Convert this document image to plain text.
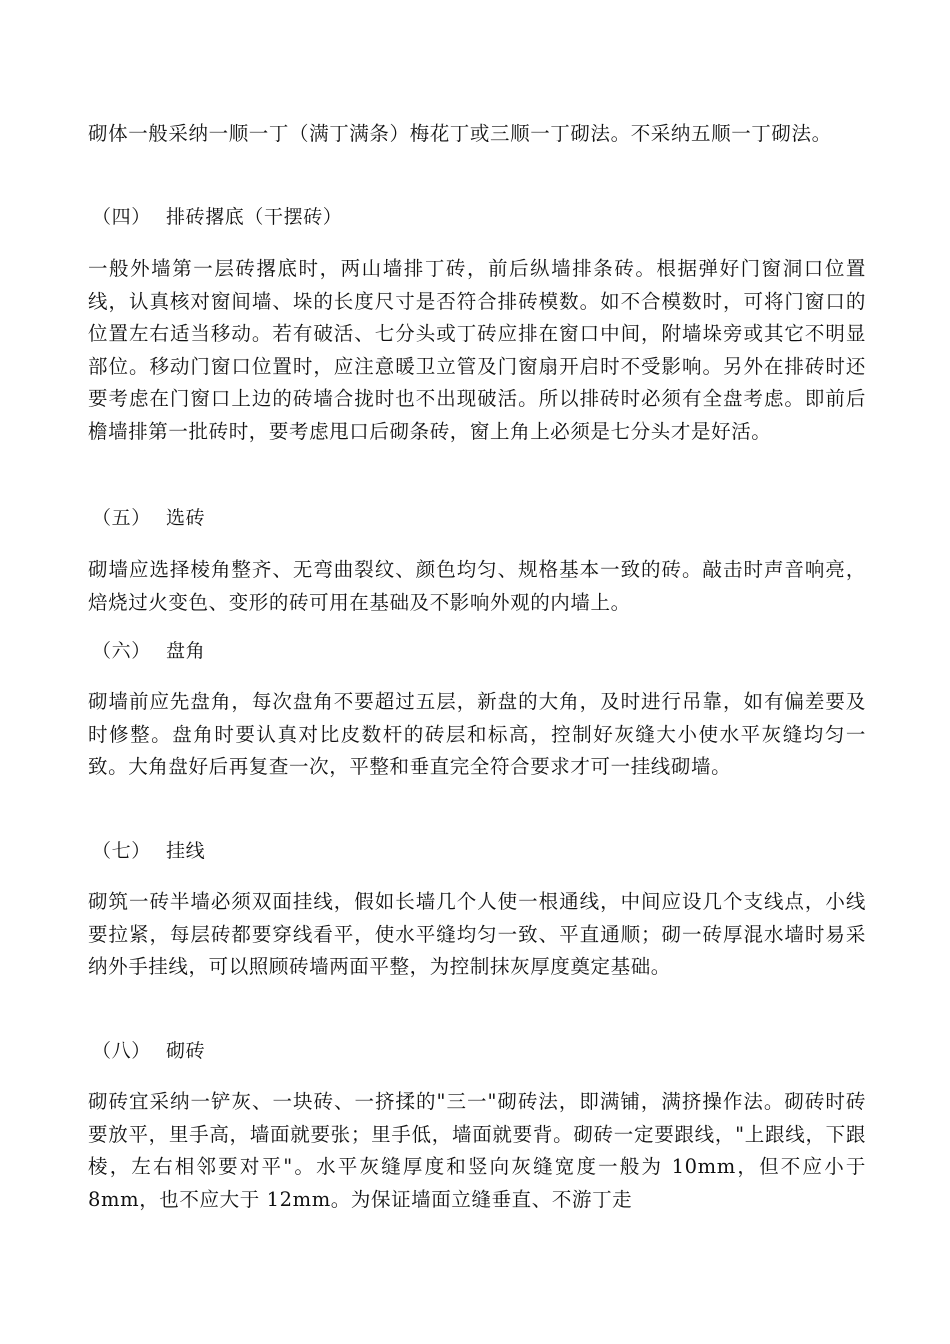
砌体一般采纳一顺一丁（满丁满条）梅花丁或三顺一丁砌法。不采纳五顺一丁砌法。

（四） 排砖撂底（干摆砖）

一般外墙第一层砖撂底时，两山墙排丁砖，前后纵墙排条砖。根据弹好门窗洞口位置线，认真核对窗间墙、垛的长度尺寸是否符合排砖模数。如不合模数时，可将门窗口的位置左右适当移动。若有破活、七分头或丁砖应排在窗口中间，附墙垛旁或其它不明显部位。移动门窗口位置时，应注意暖卫立管及门窗扇开启时不受影响。另外在排砖时还要考虑在门窗口上边的砖墙合拢时也不出现破活。所以排砖时必须有全盘考虑。即前后檐墙排第一批砖时，要考虑甩口后砌条砖，窗上角上必须是七分头才是好活。

（五） 选砖

砌墙应选择棱角整齐、无弯曲裂纹、颜色均匀、规格基本一致的砖。敲击时声音响亮，焙烧过火变色、变形的砖可用在基础及不影响外观的内墙上。

（六） 盘角

砌墙前应先盘角，每次盘角不要超过五层，新盘的大角，及时进行吊靠，如有偏差要及时修整。盘角时要认真对比皮数杆的砖层和标高，控制好灰缝大小使水平灰缝均匀一致。大角盘好后再复查一次，平整和垂直完全符合要求才可一挂线砌墙。

（七） 挂线

砌筑一砖半墙必须双面挂线，假如长墙几个人使一根通线，中间应设几个支线点，小线要拉紧，每层砖都要穿线看平，使水平缝均匀一致、平直通顺；砌一砖厚混水墙时易采纳外手挂线，可以照顾砖墙两面平整，为控制抹灰厚度奠定基础。

（八） 砌砖

砌砖宜采纳一铲灰、一块砖、一挤揉的"三一"砌砖法，即满铺，满挤操作法。砌砖时砖要放平，里手高，墙面就要张；里手低，墙面就要背。砌砖一定要跟线，"上跟线，下跟棱，左右相邻要对平"。水平灰缝厚度和竖向灰缝宽度一般为 10mm，但不应小于 8mm，也不应大于 12mm。为保证墙面立缝垂直、不游丁走
